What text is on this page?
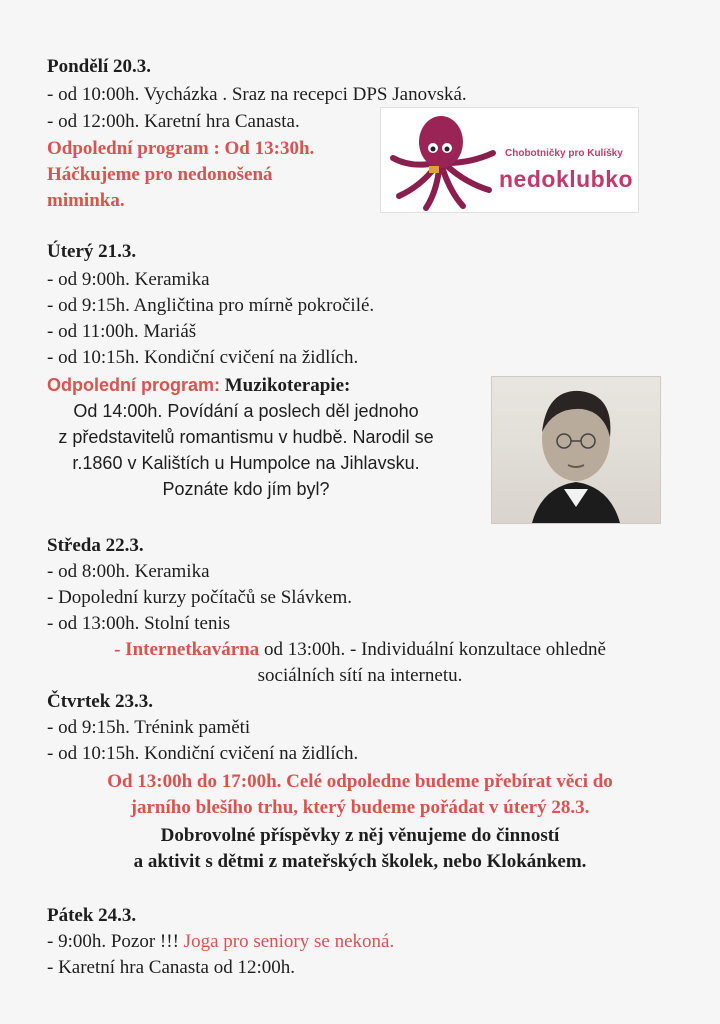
Pondělí 20.3.
- od 10:00h. Vycházka . Sraz na recepci DPS Janovská.
- od 12:00h. Karetní hra Canasta.
Odpolední program : Od 13:30h.
Háčkujeme pro nedonošená
miminka.
Chobotničky pro Kulíšky
nedoklubko
Úterý 21.3.
- od 9:00h. Keramika
- od 9:15h. Angličtina pro mírně pokročilé.
- od 11:00h. Mariáš
- od 10:15h. Kondiční cvičení na židlích.
Odpolední program: Muzikoterapie:
Od 14:00h. Povídání a poslech děl jednoho
z představitelů romantismu v hudbě. Narodil se
r.1860 v Kalištích u Humpolce na Jihlavsku.
Poznáte kdo jím byl?
Středa 22.3.
- od 8:00h. Keramika
- Dopolední kurzy počítačů se Slávkem.
- od 13:00h. Stolní tenis
- Internetkavárna od 13:00h. - Individuální konzultace ohledně
sociálních sítí na internetu.
Čtvrtek 23.3.
- od 9:15h. Trénink paměti
- od 10:15h. Kondiční cvičení na židlích.
Od 13:00h do 17:00h. Celé odpoledne budeme přebírat věci do
jarního blešího trhu, který budeme pořádat v úterý 28.3.
Dobrovolné příspěvky z něj věnujeme do činností
a aktivit s dětmi z mateřských školek, nebo Klokánkem.
Pátek 24.3.
- 9:00h. Pozor !!! Joga pro seniory se nekoná.
- Karetní hra Canasta od 12:00h.
